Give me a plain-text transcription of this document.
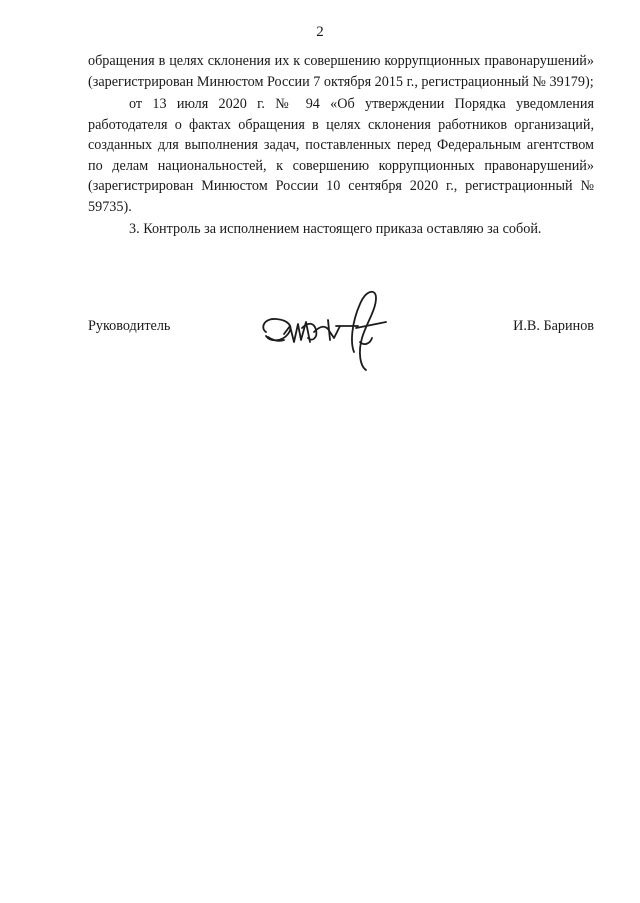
2

обращения в целях склонения их к совершению коррупционных правонарушений» (зарегистрирован Минюстом России 7 октября 2015 г., регистрационный № 39179);

от 13 июля 2020 г. № 94 «Об утверждении Порядка уведомления работодателя о фактах обращения в целях склонения работников организаций, созданных для выполнения задач, поставленных перед Федеральным агентством по делам национальностей, к совершению коррупционных правонарушений» (зарегистрирован Минюстом России 10 сентября 2020 г., регистрационный № 59735).

3. Контроль за исполнением настоящего приказа оставляю за собой.

Руководитель	И.В. Баринов
